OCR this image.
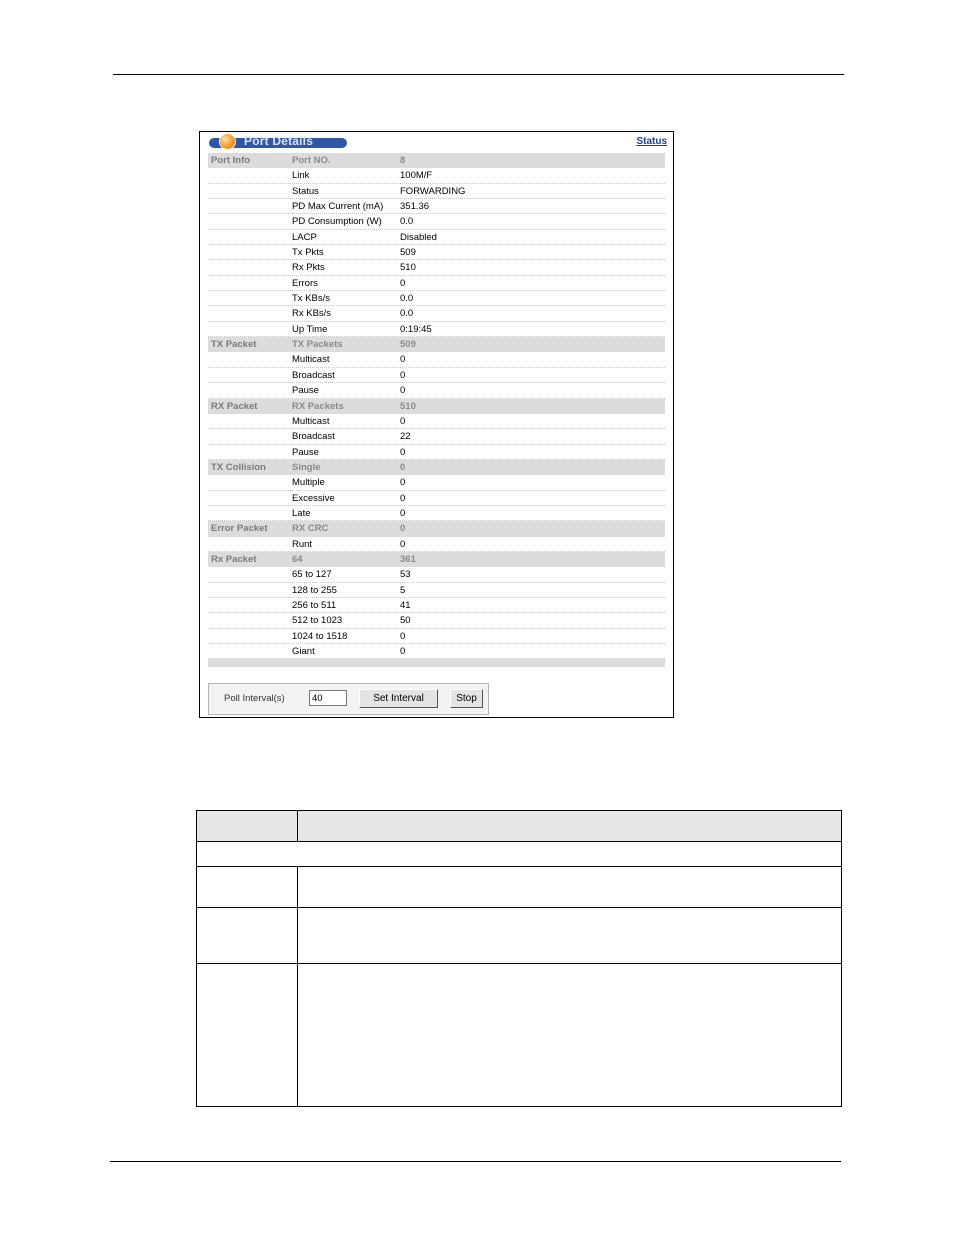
Port Details	Status
Port Info	Port NO.	8
Link	100M/F
Status	FORWARDING
PD Max Current (mA) 351.36
PD Consumption (W) 0.0
LACP	Disabled
Tx Pkts	509
Rx Pkts	510
Errors	0
Tx KBs/s	0.0
Rx KBs/s	0.0
Up Time	0:19:45
TX Packet	TX Packets	509
Multicast	0
Broadcast	0
Pause	0
RX Packet	RX Packets	510
Multicast	0
Broadcast	22
Pause	0
TX Collision	Single	0
Multiple	0
Excessive	0
Late	0
Error Packet	RX CRC	0
Runt	0
Rx Packet	64	361
65 to 127	53
128 to 255	5
256 to 511	41
512 to 1023	50
1024 to 1518	0
Giant	0
Poll Interval(s)
40	Set Interval	Stop
